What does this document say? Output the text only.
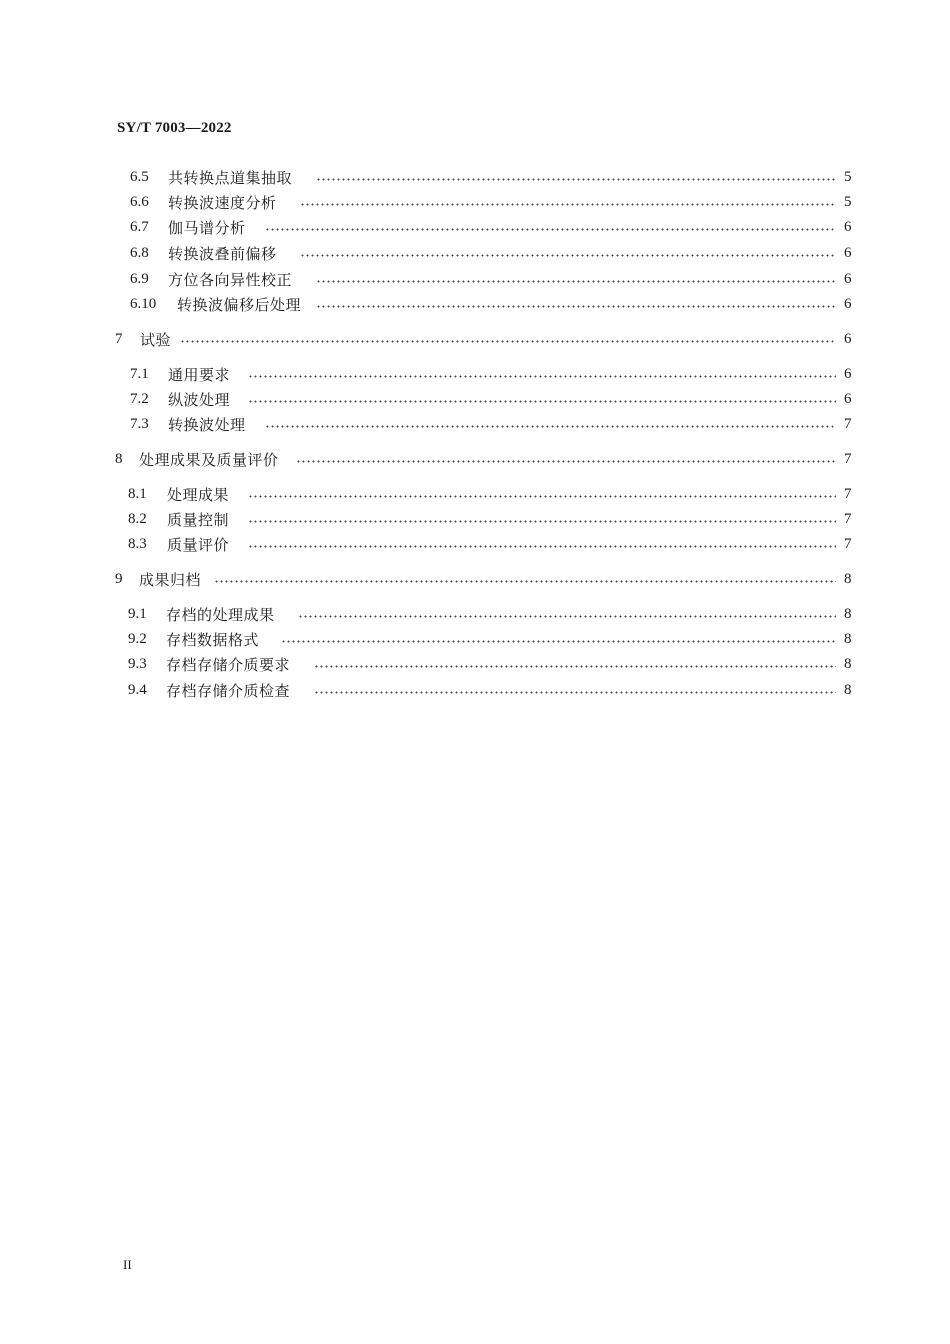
SY/T 7003—2022
6.5 共转换点道集抽取	5
6.6 转换波速度分析	5
6.7 伽马谱分析	6
6.8 转换波叠前偏移	6
6.9 方位各向异性校正	6
6.10 转换波偏移后处理	6
7 试验	6
7.1 通用要求	6
7.2 纵波处理	6
7.3 转换波处理	7
8 处理成果及质量评价	7
8.1 处理成果	7
8.2 质量控制	7
8.3 质量评价	7
9 成果归档	8
9.1 存档的处理成果	8
9.2 存档数据格式	8
9.3 存档存储介质要求	8
9.4 存档存储介质检查	8
II
